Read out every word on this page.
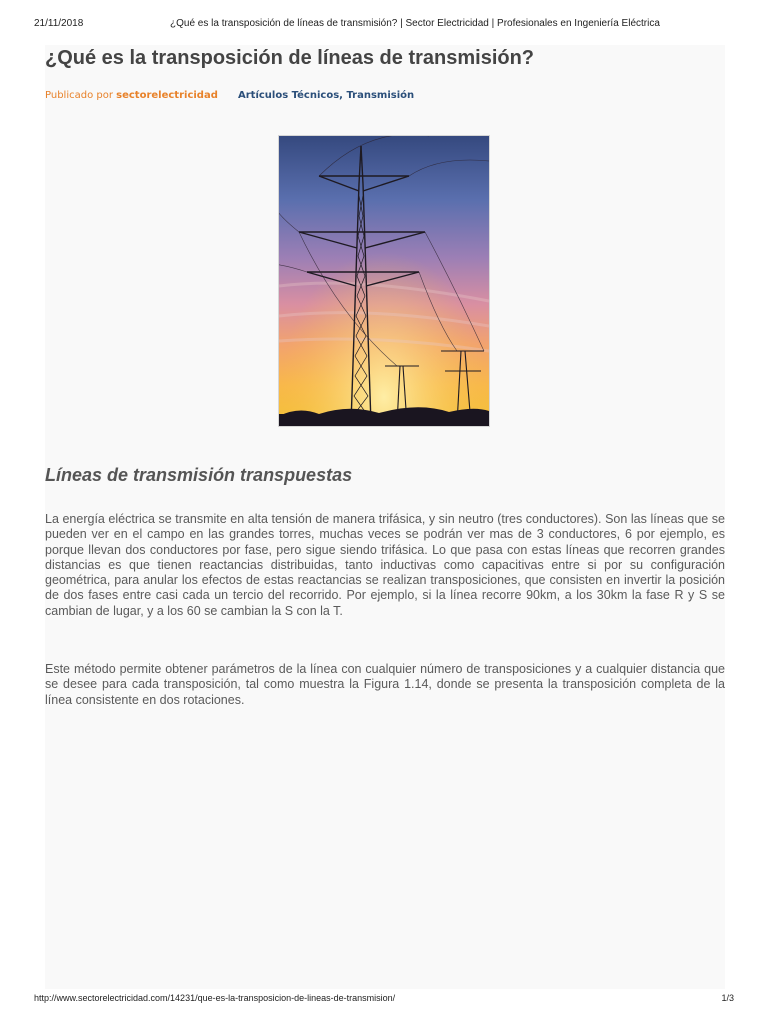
21/11/2018	¿Qué es la transposición de líneas de transmisión? | Sector Electricidad | Profesionales en Ingeniería Eléctrica
¿Qué es la transposición de líneas de transmisión?
Publicado por sectorelectricidad Artículos Técnicos, Transmisión
Líneas de transmisión transpuestas

La energía eléctrica se transmite en alta tensión de manera trifásica, y sin neutro (tres conductores). Son las líneas que se pueden ver en el campo en las grandes torres, muchas veces se podrán ver mas de 3 conductores, 6 por ejemplo, es porque llevan dos conductores por fase, pero sigue siendo trifásica. Lo que pasa con estas líneas que recorren grandes distancias es que tienen reactancias distribuidas, tanto inductivas como capacitivas entre si por su configuración geométrica, para anular los efectos de estas reactancias se realizan transposiciones, que consisten en invertir la posición de dos fases entre casi cada un tercio del recorrido. Por ejemplo, si la línea recorre 90km, a los 30km la fase R y S se cambian de lugar, y a los 60 se cambian la S con la T.

Este método permite obtener parámetros de la línea con cualquier número de transposiciones y a cualquier distancia que se desee para cada transposición, tal como muestra la Figura 1.14, donde se presenta la transposición completa de la línea consistente en dos rotaciones.

http://www.sectorelectricidad.com/14231/que-es-la-transposicion-de-lineas-de-transmision/	1/3
